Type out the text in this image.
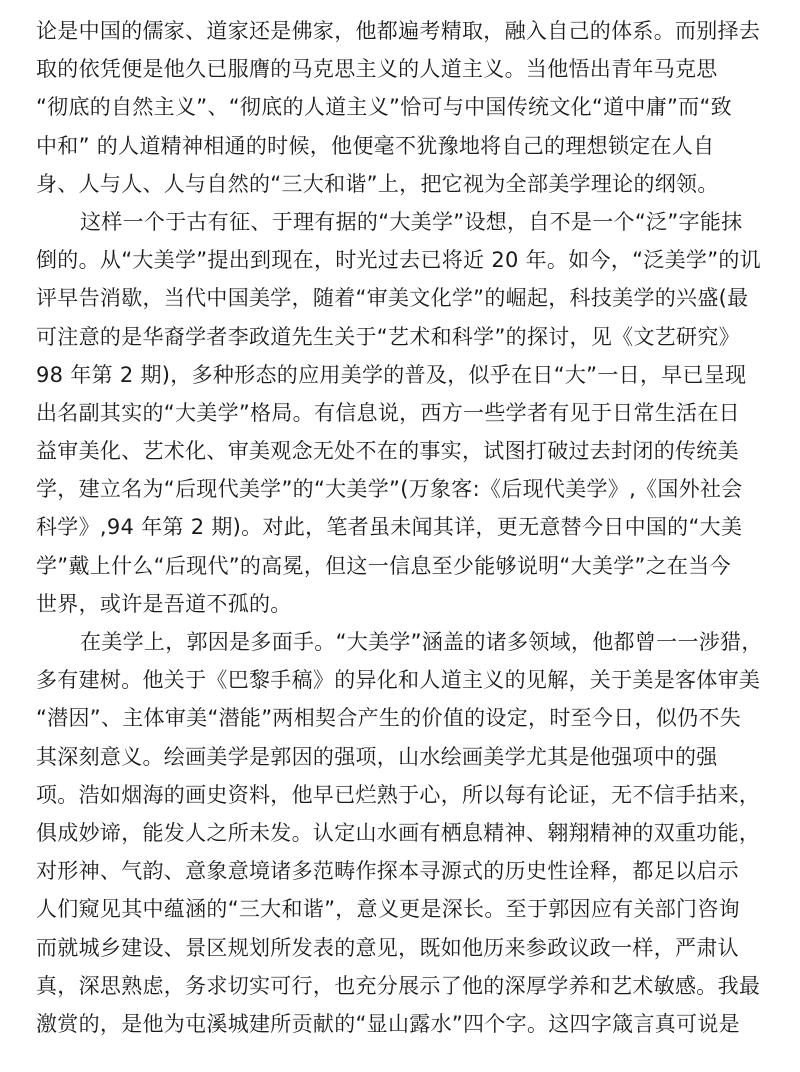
论是中国的儒家、道家还是佛家，他都遍考精取，融入自己的体系。而别择去
取的依凭便是他久已服膺的马克思主义的人道主义。当他悟出青年马克思
“彻底的自然主义”、“彻底的人道主义”恰可与中国传统文化“道中庸”而“致
中和” 的人道精神相通的时候，他便毫不犹豫地将自己的理想锁定在人自
身、人与人、人与自然的“三大和谐”上，把它视为全部美学理论的纲领。
这样一个于古有征、于理有据的“大美学”设想，自不是一个“泛”字能抹
倒的。从“大美学”提出到现在，时光过去已将近 20 年。如今，“泛美学”的讥
评早告消歇，当代中国美学，随着“审美文化学”的崛起，科技美学的兴盛(最
可注意的是华裔学者李政道先生关于“艺术和科学”的探讨，见《文艺研究》
98 年第 2 期)，多种形态的应用美学的普及，似乎在日“大”一日，早已呈现
出名副其实的“大美学”格局。有信息说，西方一些学者有见于日常生活在日
益审美化、艺术化、审美观念无处不在的事实，试图打破过去封闭的传统美
学，建立名为“后现代美学”的“大美学”(万象客:《后现代美学》,《国外社会
科学》,94 年第 2 期)。对此，笔者虽未闻其详，更无意替今日中国的“大美
学”戴上什么“后现代”的高冕，但这一信息至少能够说明“大美学”之在当今
世界，或许是吾道不孤的。
在美学上，郭因是多面手。“大美学”涵盖的诸多领域，他都曾一一涉猎，
多有建树。他关于《巴黎手稿》的异化和人道主义的见解，关于美是客体审美
“潜因”、主体审美“潜能”两相契合产生的价值的设定，时至今日，似仍不失
其深刻意义。绘画美学是郭因的强项，山水绘画美学尤其是他强项中的强
项。浩如烟海的画史资料，他早已烂熟于心，所以每有论证，无不信手拈来，
俱成妙谛，能发人之所未发。认定山水画有栖息精神、翱翔精神的双重功能，
对形神、气韵、意象意境诸多范畴作探本寻源式的历史性诠释，都足以启示
人们窥见其中蕴涵的“三大和谐”，意义更是深长。至于郭因应有关部门咨询
而就城乡建设、景区规划所发表的意见，既如他历来参政议政一样，严肃认
真，深思熟虑，务求切实可行，也充分展示了他的深厚学养和艺术敏感。我最
激赏的，是他为屯溪城建所贡献的“显山露水”四个字。这四字箴言真可说是
